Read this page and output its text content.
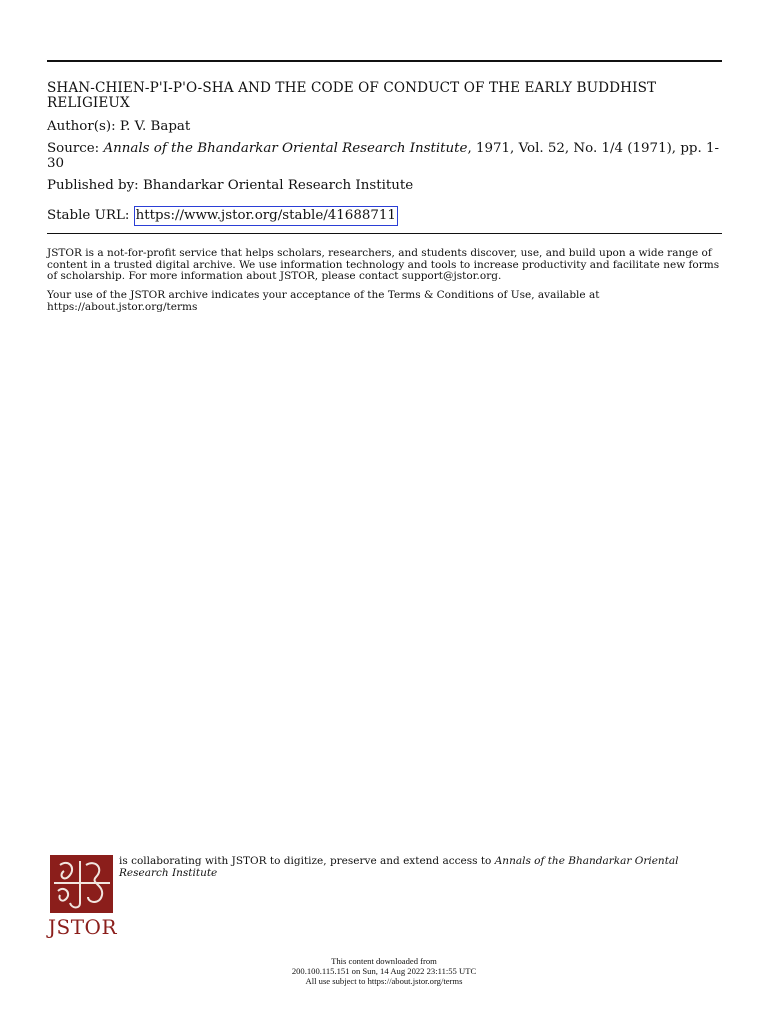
SHAN-CHIEN-P'I-P'O-SHA AND THE CODE OF CONDUCT OF THE EARLY BUDDHIST RELIGIEUX
Author(s): P. V. Bapat
Source: Annals of the Bhandarkar Oriental Research Institute, 1971, Vol. 52, No. 1/4 (1971), pp. 1-30
Published by: Bhandarkar Oriental Research Institute
Stable URL: https://www.jstor.org/stable/41688711
JSTOR is a not-for-profit service that helps scholars, researchers, and students discover, use, and build upon a wide range of content in a trusted digital archive. We use information technology and tools to increase productivity and facilitate new forms of scholarship. For more information about JSTOR, please contact support@jstor.org.
Your use of the JSTOR archive indicates your acceptance of the Terms & Conditions of Use, available at https://about.jstor.org/terms
JSTOR
is collaborating with JSTOR to digitize, preserve and extend access to Annals of the Bhandarkar Oriental Research Institute
This content downloaded from
200.100.115.151 on Sun, 14 Aug 2022 23:11:55 UTC
All use subject to https://about.jstor.org/terms
